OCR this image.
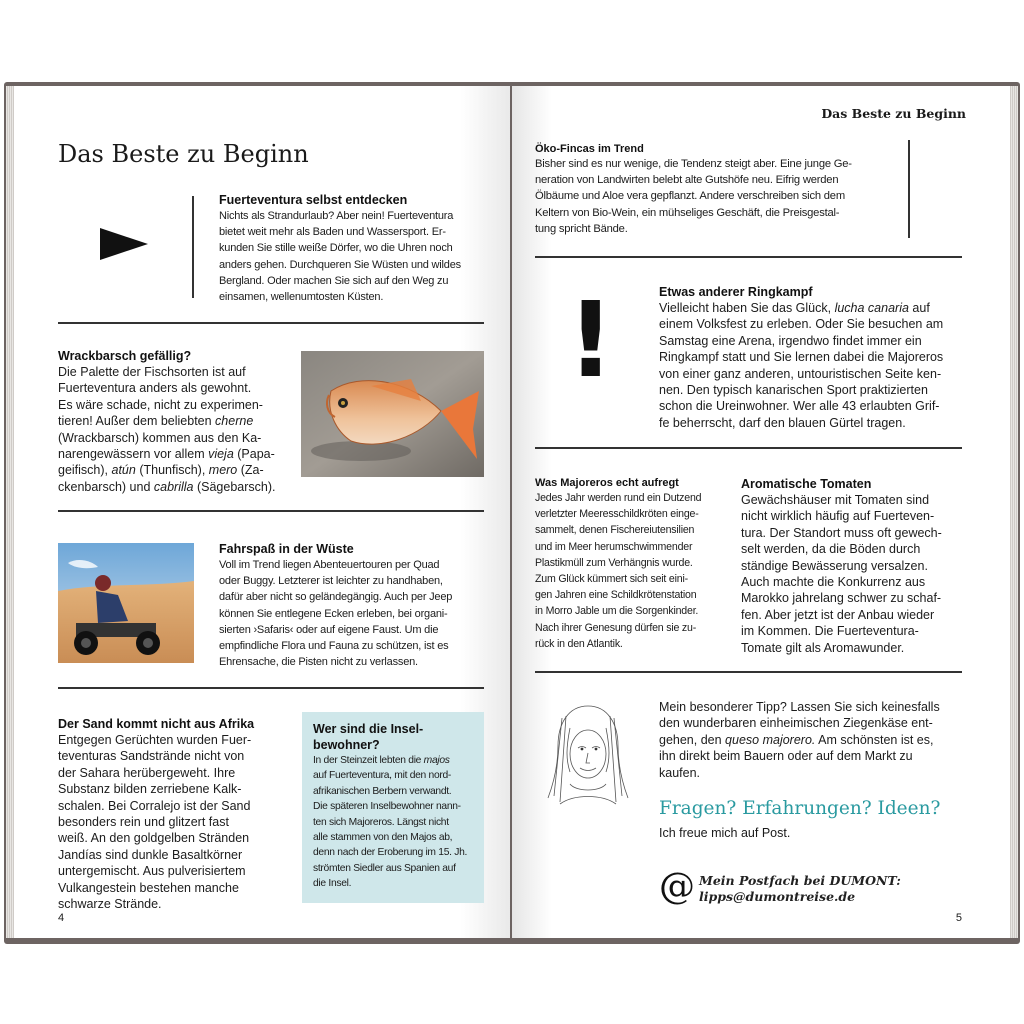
Das Beste zu Beginn
Fuerteventura selbst entdecken
Nichts als Strandurlaub? Aber nein! Fuerteventura
bietet weit mehr als Baden und Wassersport. Er-
kunden Sie stille weiße Dörfer, wo die Uhren noch
anders gehen. Durchqueren Sie Wüsten und wildes
Bergland. Oder machen Sie sich auf den Weg zu
einsamen, wellenumtosten Küsten.
Wrackbarsch gefällig?
Die Palette der Fischsorten ist auf
Fuerteventura anders als gewohnt.
Es wäre schade, nicht zu experimen-
tieren! Außer dem beliebten cherne
(Wrackbarsch) kommen aus den Ka-
narengewässern vor allem vieja (Papa-
geifisch), atún (Thunfisch), mero (Za-
ckenbarsch) und cabrilla (Sägebarsch).
Fahrspaß in der Wüste
Voll im Trend liegen Abenteuertouren per Quad
oder Buggy. Letzterer ist leichter zu handhaben,
dafür aber nicht so geländegängig. Auch per Jeep
können Sie entlegene Ecken erleben, bei organi-
sierten ›Safaris‹ oder auf eigene Faust. Um die
empfindliche Flora und Fauna zu schützen, ist es
Ehrensache, die Pisten nicht zu verlassen.
Der Sand kommt nicht aus Afrika
Entgegen Gerüchten wurden Fuer-
teventuras Sandstrände nicht von
der Sahara herübergeweht. Ihre
Substanz bilden zerriebene Kalk-
schalen. Bei Corralejo ist der Sand
besonders rein und glitzert fast
weiß. An den goldgelben Stränden
Jandías sind dunkle Basaltkörner
untergemischt. Aus pulverisiertem
Vulkangestein bestehen manche
schwarze Strände.
Wer sind die Insel-
bewohner?
In der Steinzeit lebten die majos
auf Fuerteventura, mit den nord-
afrikanischen Berbern verwandt.
Die späteren Inselbewohner nann-
ten sich Majoreros. Längst nicht
alle stammen von den Majos ab,
denn nach der Eroberung im 15. Jh.
strömten Siedler aus Spanien auf
die Insel.
4
Das Beste zu Beginn
Öko-Fincas im Trend
Bisher sind es nur wenige, die Tendenz steigt aber. Eine junge Ge-
neration von Landwirten belebt alte Gutshöfe neu. Eifrig werden
Ölbäume und Aloe vera gepflanzt. Andere verschreiben sich dem
Keltern von Bio-Wein, ein mühseliges Geschäft, die Preisgestal-
tung spricht Bände.
!	Etwas anderer Ringkampf
Vielleicht haben Sie das Glück, lucha canaria auf
einem Volksfest zu erleben. Oder Sie besuchen am
Samstag eine Arena, irgendwo findet immer ein
Ringkampf statt und Sie lernen dabei die Majoreros
von einer ganz anderen, untouristischen Seite ken-
nen. Den typisch kanarischen Sport praktizierten
schon die Ureinwohner. Wer alle 43 erlaubten Grif-
fe beherrscht, darf den blauen Gürtel tragen.
Was Majoreros echt aufregt
Jedes Jahr werden rund ein Dutzend
verletzter Meeresschildkröten einge-
sammelt, denen Fischereiutensilien
und im Meer herumschwimmender
Plastikmüll zum Verhängnis wurde.
Zum Glück kümmert sich seit eini-
gen Jahren eine Schildkrötenstation
in Morro Jable um die Sorgenkinder.
Nach ihrer Genesung dürfen sie zu-
rück in den Atlantik.
Aromatische Tomaten
Gewächshäuser mit Tomaten sind
nicht wirklich häufig auf Fuerteven-
tura. Der Standort muss oft gewech-
selt werden, da die Böden durch
ständige Bewässerung versalzen.
Auch machte die Konkurrenz aus
Marokko jahrelang schwer zu schaf-
fen. Aber jetzt ist der Anbau wieder
im Kommen. Die Fuerteventura-
Tomate gilt als Aromawunder.
Mein besonderer Tipp? Lassen Sie sich keinesfalls
den wunderbaren einheimischen Ziegenkäse ent-
gehen, den queso majorero. Am schönsten ist es,
ihn direkt beim Bauern oder auf dem Markt zu
kaufen.
Fragen? Erfahrungen? Ideen?
Ich freue mich auf Post.
@ Mein Postfach bei DUMONT:
lipps@dumontreise.de
5
